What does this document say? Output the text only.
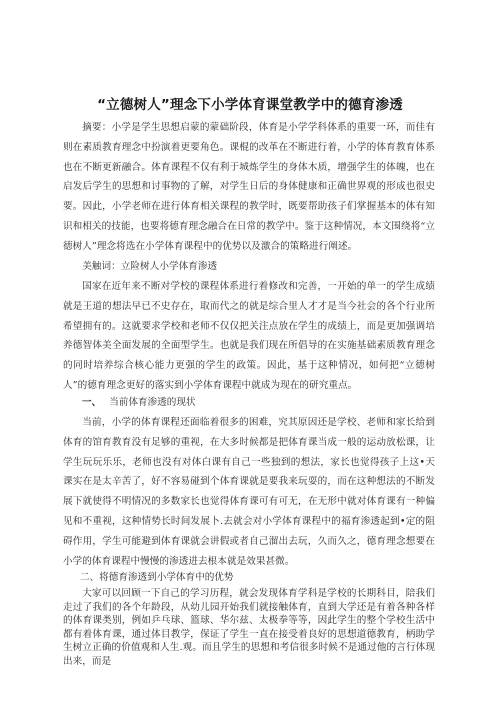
“立德树人”理念下小学体育课堂教学中的德育渗透

摘要：小学是学生思想启蒙的蒙础阶段，体育是小学学科体系的重要一环，而佳有则在素质教育理念中扮演着更要角色。课棍的改革在不断进行着，小学的体育教育体系也在不断更新融合。体育课程不仅有利于城炼学生的身体木质，增强学生的体魄，也在启发后学生的思想和讨事物的了解，对学生日后的身体健康和正确世界观的形成也很史要。因此，小学老师在进行体育相关课程的教学时，既要帮助孩子们掌握基本的体有知识和相关的技能，也要将德育理念融合在日常的教学中。鉴于这种情况，本文围绕将“立德树人”理念将选在小学体育课程中的优势以及激合的策略进行阐述。

美触词：立险树人小学体育渗透

国家在近年来不断对学校的课程体系进行着修改和完善，一开始的单一的学生成绩就是王道的想法早已不史存在，取而代之的就是综合里人才才是当今社会的各个行业所希望拥有的。这就要求学校和老师不仅仅把关注点放在学生的成绩上，而是更加强调培养德智体美全面发展的全面型学生。也就是我们现在所倡导的在实施基础素质教育理念的同时培养综合核心能力更强的学生的政策。因此，基于这种情况，如何把“立德树人”的德育理念更好的落实到小学体育课程中就成为现在的研究重点。

一、 当前体育渗透的现状

当前，小学的体育课程还面临着很多的困难，究其原因还是学校、老师和家长给到体育的馆育教育没有足够的重视，在大多时候都是把体育课当成一般的运动放松课，让学生玩玩乐乐，老师也没有对体白课有自己一些独到的想法，家长也觉得孩子上这•天课实在是太辛苦了，好不容易碰到个体育课就是要我来玩耍的，而在这种想法的不断发展下就使得不明情况的多数家长也觉得体育课可有可无，在无形中就对体育课有一种偏见和不重视，这种情势长时间发展卜.去就会对小学体育课程中的福育渗透起到•定的阻碍作用，学生可能避到体育课就会讲假或者自己溜出去玩，久而久之，德育理念想要在小学的体育课程中慢慢的渗透进去根本就是效果甚微。

二、将德育渗透到小学体育中的优势

大家可以回顾一下自己的学习历程，就会发现体育学科是学校的长期科目，陪我们走过了我们的各个年龄段，从幼儿园开始我们就接触体育，直到大学还是有着各种各样的体育课类别，例如乒乓球、篮球、华尔兹、太极拳等等，因此学生的整个学校生活中都有着体育课，通过体目教学，保证了学生一直在接受着良好的思想道德教育，柄助学生树立正确的价值观和人生.观。而且学生的思想和考信很多时候不是通过他的言行体现出来，而是
